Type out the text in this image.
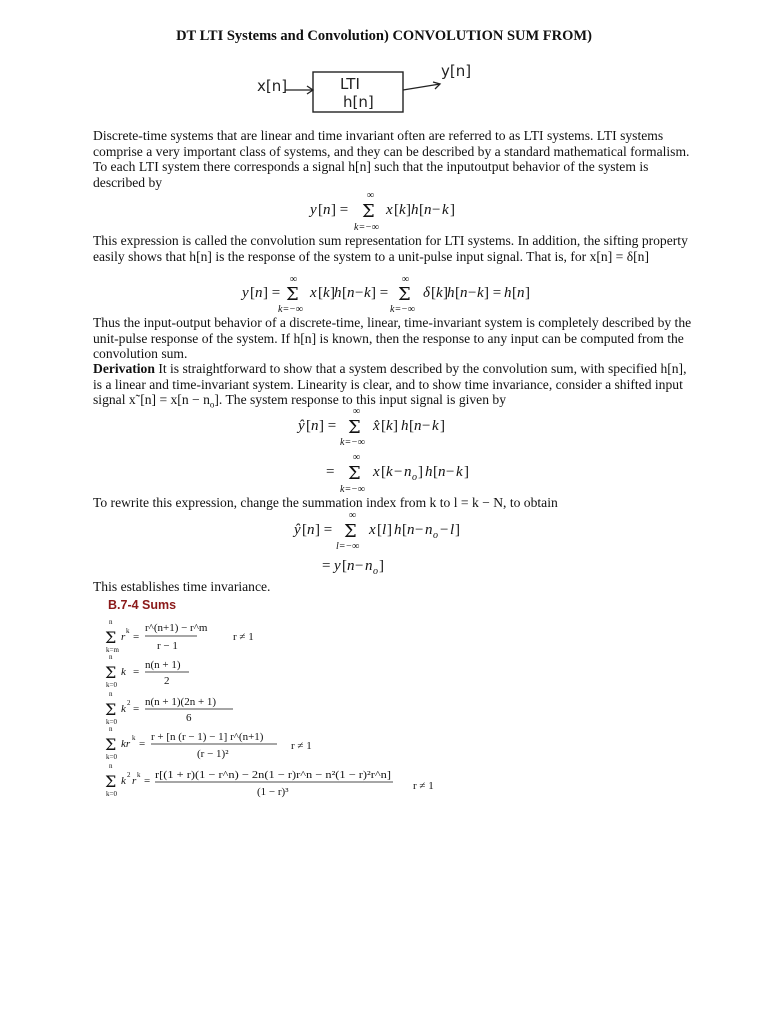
DT LTI Systems and Convolution) CONVOLUTION SUM FROM)
x[n]	LTI
h[n]
y[n]

Discrete-time systems that are linear and time invariant often are referred to as LTI systems. LTI systems comprise a very important class of systems, and they can be described by a standard mathematical formalism. To each LTI system there corresponds a signal h[n] such that the inputoutput behavior of the system is described by

y [ n ] =
∞
Σ
k=−∞
x [ k ] h [ n − k ]

This expression is called the convolution sum representation for LTI systems. In addition, the sifting property easily shows that h[n] is the response of the system to a unit-pulse input signal. That is, for x[n] = δ[n]

y [ n ] =
∞
Σ
k=−∞
x [ k ] h [ n − k ] =
∞
Σ
k=−∞
δ [ k ] h [ n − k ] = h [ n ]

Thus the input-output behavior of a discrete-time, linear, time-invariant system is completely described by the unit-pulse response of the system. If h[n] is known, then the response to any input can be computed from the convolution sum.

Derivation It is straightforward to show that a system described by the convolution sum, with specified h[n], is a linear and time-invariant system. Linearity is clear, and to show time invariance, consider a shifted input signal x˜[n] = $x[n - n_o]$. The system response to this input signal is given by

ŷ [ n ] =
∞
Σ
k=−∞
x̂ [ k ] h [ n − k ]
=
∞
Σ
k=−∞
x [ k − n o ] h [ n − k ]

To rewrite this expression, change the summation index from k to l = k − N, to obtain

ŷ [ n ] =
∞
Σ
l=−∞
x [ l ] h [ n − n o − l ]
= y [ n − n o ]

This establishes time invariance.

B.7-4 Sums
n
Σ
k=m
r k =
r^(n+1) − r^m
r − 1
r ≠ 1
n
Σ
k=0
k =
n(n + 1)
2
n
Σ
k=0
k 2 =
n(n + 1)(2n + 1)
6
n
Σ
k=0
kr k =
r + [n (r − 1) − 1] r^(n+1)
(r − 1)²
r ≠ 1
n
Σ
k=0
k 2 r k = r[(1 + r)(1 − r^n) − 2n(1 − r)r^n − n²(1 − r)²r^n]
(1 − r)³	r ≠ 1
